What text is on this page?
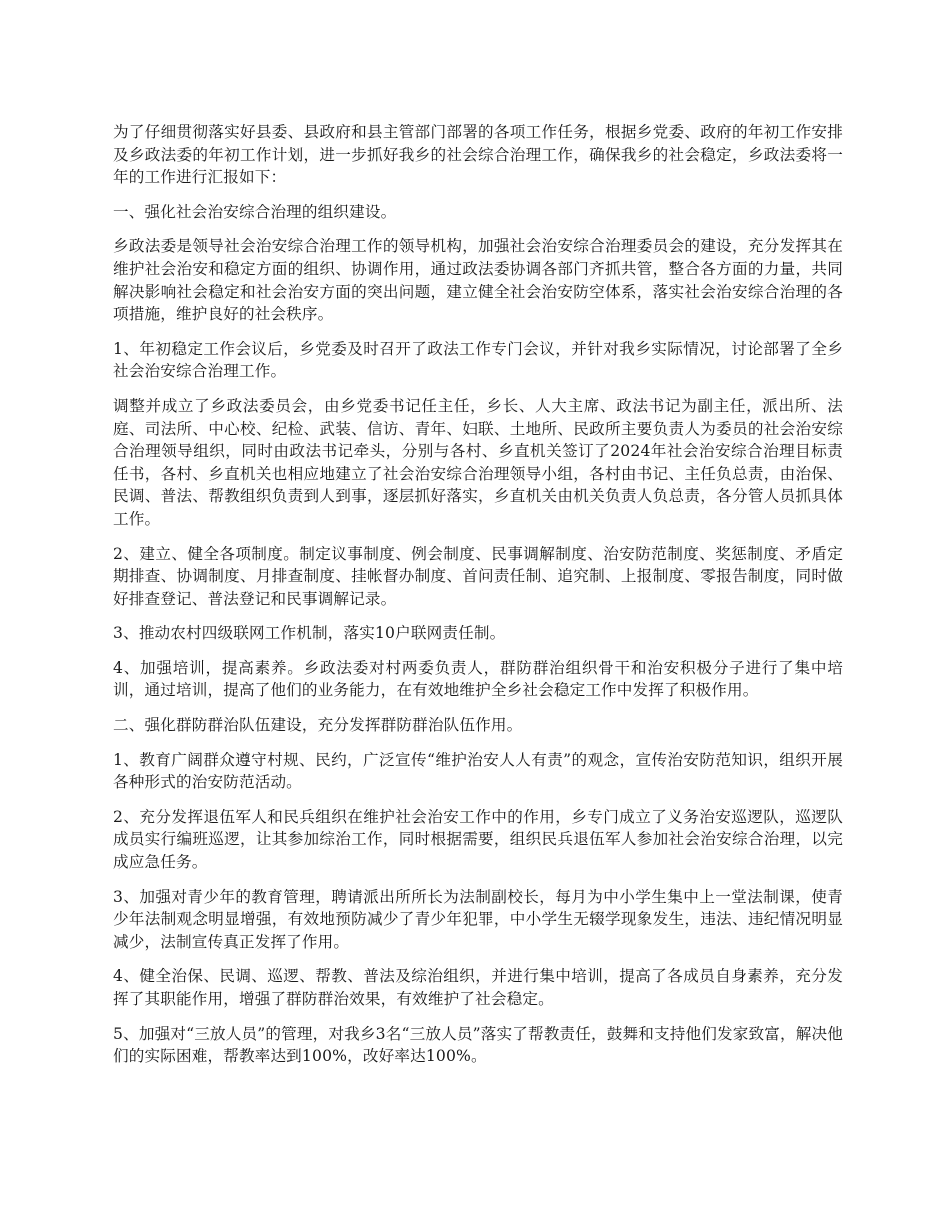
为了仔细贯彻落实好县委、县政府和县主管部门部署的各项工作任务，根据乡党委、政府的年初工作安排及乡政法委的年初工作计划，进一步抓好我乡的社会综合治理工作，确保我乡的社会稳定，乡政法委将一年的工作进行汇报如下：

一、强化社会治安综合治理的组织建设。

乡政法委是领导社会治安综合治理工作的领导机构，加强社会治安综合治理委员会的建设，充分发挥其在维护社会治安和稳定方面的组织、协调作用，通过政法委协调各部门齐抓共管，整合各方面的力量，共同解决影响社会稳定和社会治安方面的突出问题，建立健全社会治安防空体系，落实社会治安综合治理的各项措施，维护良好的社会秩序。

1、年初稳定工作会议后，乡党委及时召开了政法工作专门会议，并针对我乡实际情况，讨论部署了全乡社会治安综合治理工作。

调整并成立了乡政法委员会，由乡党委书记任主任，乡长、人大主席、政法书记为副主任，派出所、法庭、司法所、中心校、纪检、武装、信访、青年、妇联、土地所、民政所主要负责人为委员的社会治安综合治理领导组织，同时由政法书记牵头，分别与各村、乡直机关签订了2024年社会治安综合治理目标责任书，各村、乡直机关也相应地建立了社会治安综合治理领导小组，各村由书记、主任负总责，由治保、民调、普法、帮教组织负责到人到事，逐层抓好落实，乡直机关由机关负责人负总责，各分管人员抓具体工作。

2、建立、健全各项制度。制定议事制度、例会制度、民事调解制度、治安防范制度、奖惩制度、矛盾定期排查、协调制度、月排查制度、挂帐督办制度、首问责任制、追究制、上报制度、零报告制度，同时做好排查登记、普法登记和民事调解记录。

3、推动农村四级联网工作机制，落实10户联网责任制。

4、加强培训，提高素养。乡政法委对村两委负责人，群防群治组织骨干和治安积极分子进行了集中培训，通过培训，提高了他们的业务能力，在有效地维护全乡社会稳定工作中发挥了积极作用。

二、强化群防群治队伍建设，充分发挥群防群治队伍作用。

1、教育广阔群众遵守村规、民约，广泛宣传“维护治安人人有责”的观念，宣传治安防范知识，组织开展各种形式的治安防范活动。

2、充分发挥退伍军人和民兵组织在维护社会治安工作中的作用，乡专门成立了义务治安巡逻队，巡逻队成员实行编班巡逻，让其参加综治工作，同时根据需要，组织民兵退伍军人参加社会治安综合治理，以完成应急任务。

3、加强对青少年的教育管理，聘请派出所所长为法制副校长，每月为中小学生集中上一堂法制课，使青少年法制观念明显增强，有效地预防减少了青少年犯罪，中小学生无辍学现象发生，违法、违纪情况明显减少，法制宣传真正发挥了作用。

4、健全治保、民调、巡逻、帮教、普法及综治组织，并进行集中培训，提高了各成员自身素养，充分发挥了其职能作用，增强了群防群治效果，有效维护了社会稳定。

5、加强对“三放人员”的管理，对我乡3名“三放人员”落实了帮教责任，鼓舞和支持他们发家致富，解决他们的实际困难，帮教率达到100%，改好率达100%。
